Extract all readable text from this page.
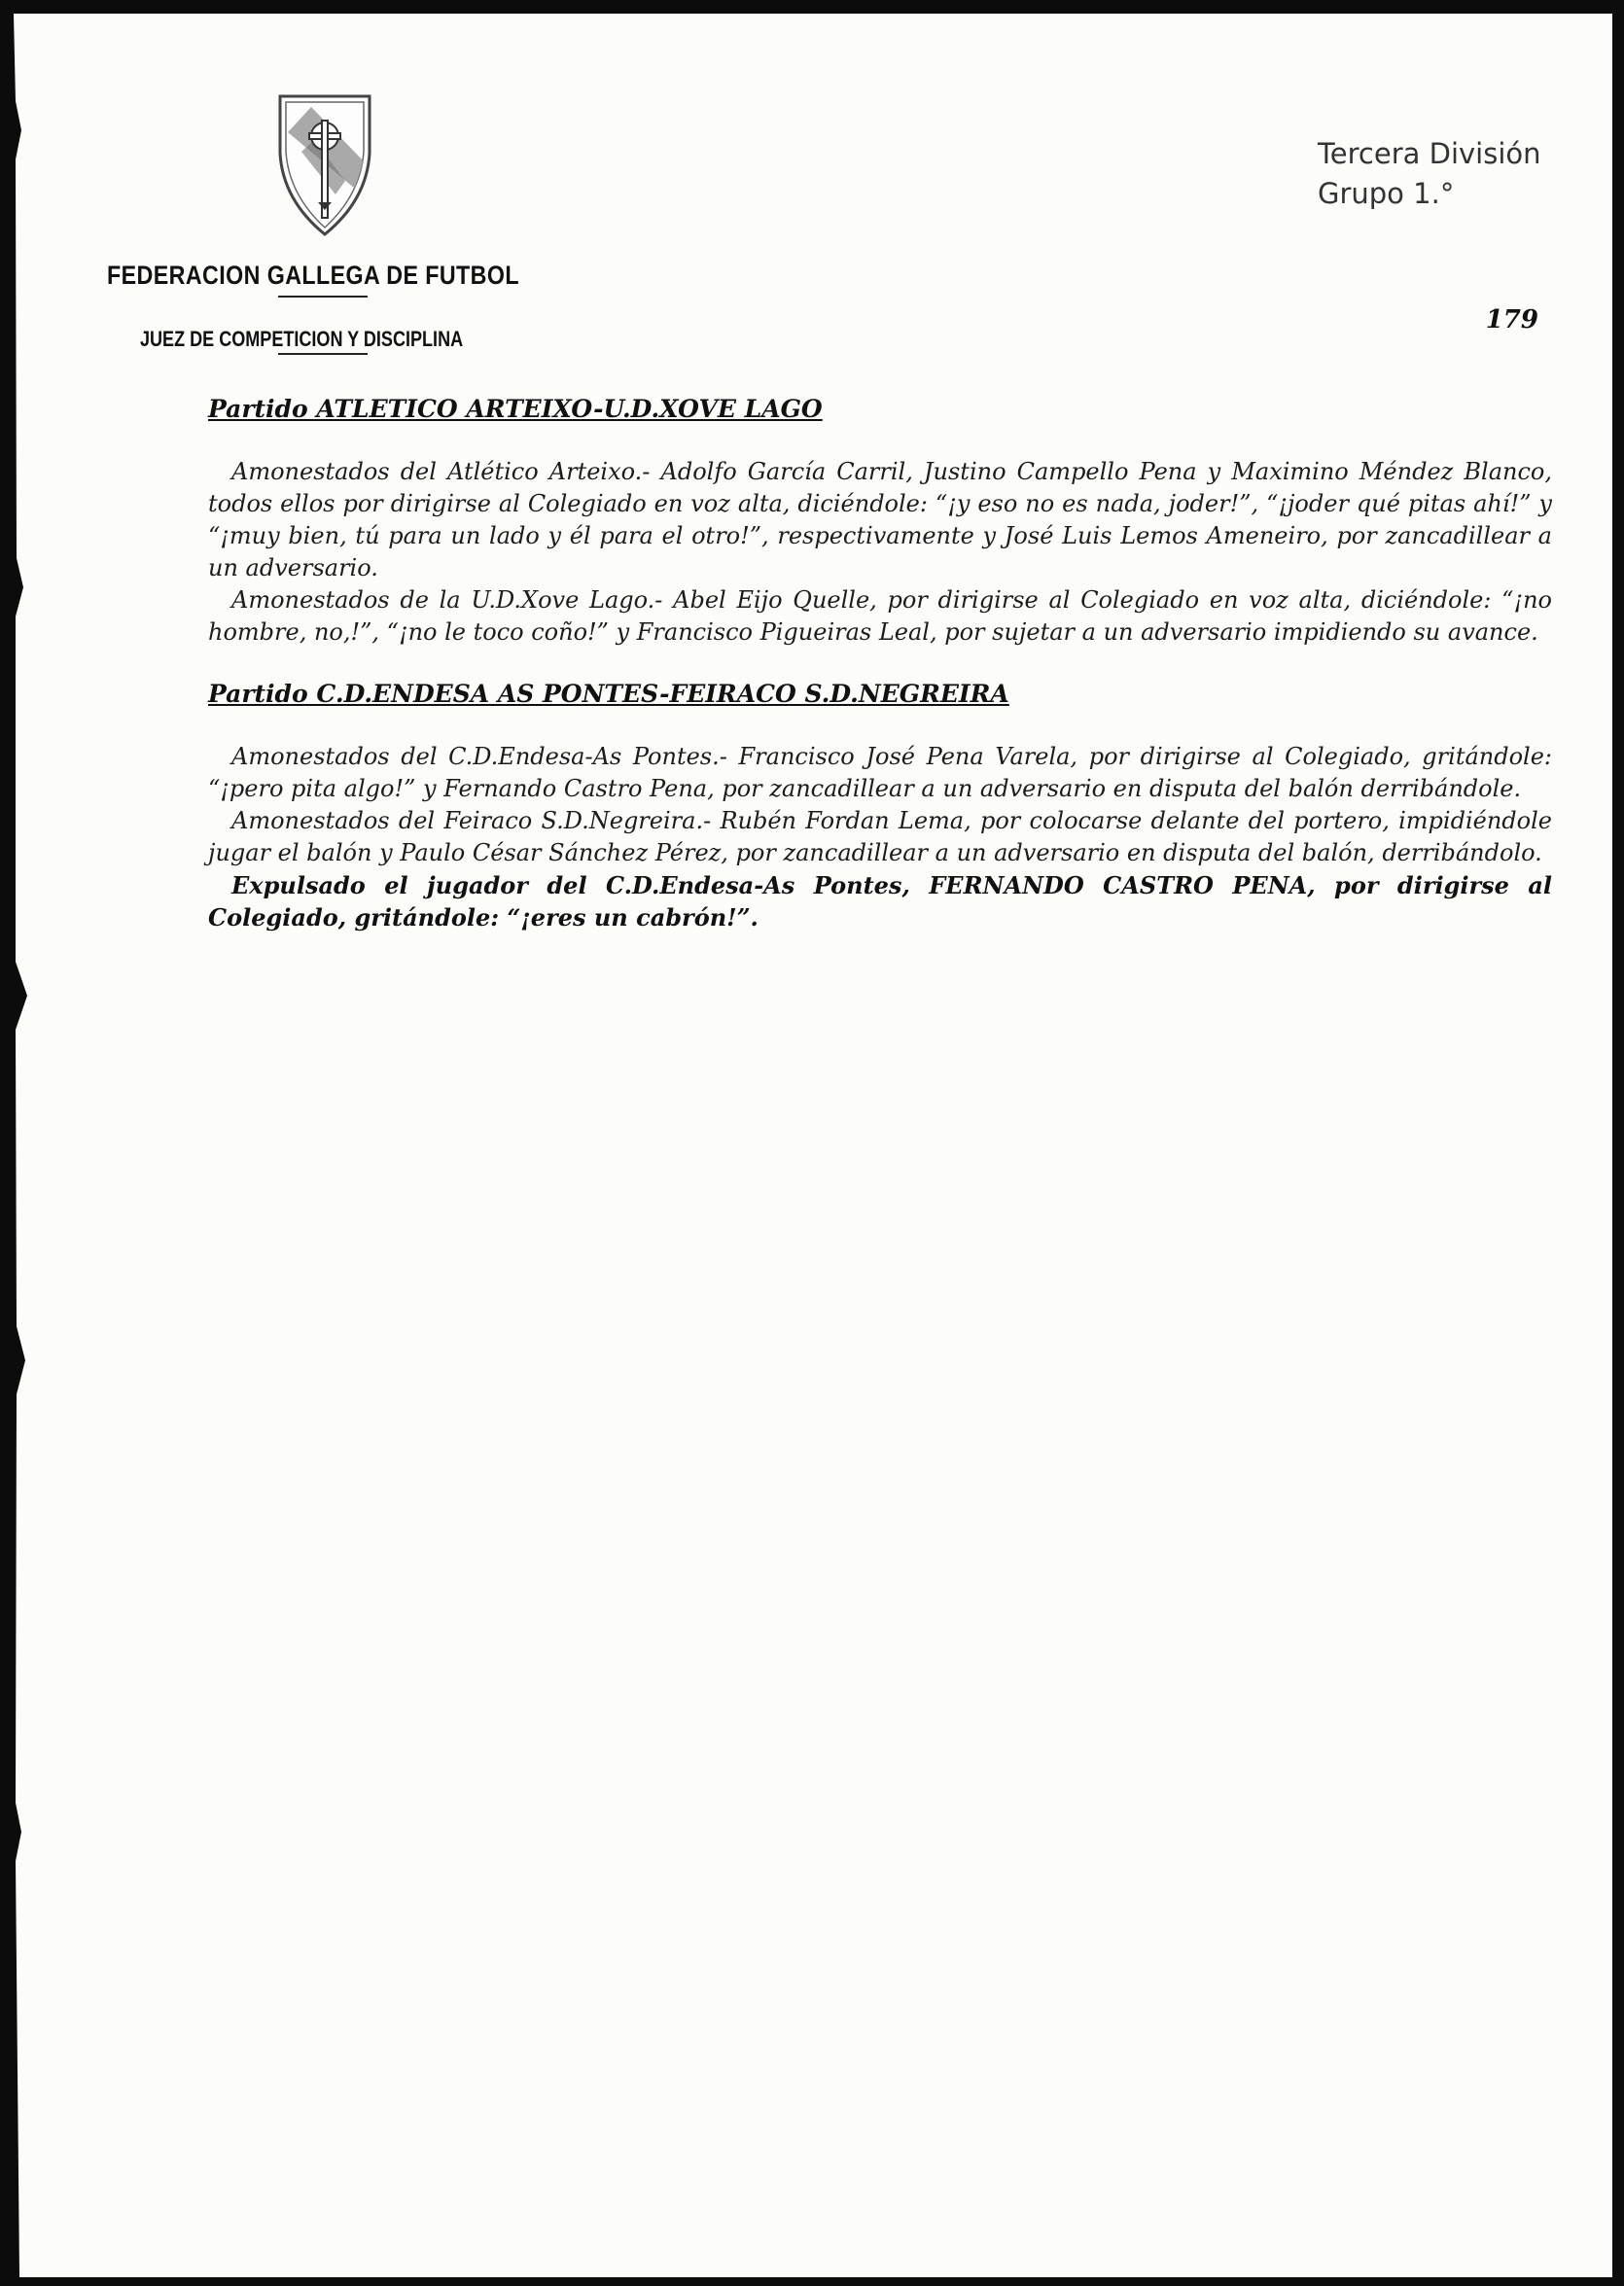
FEDERACION GALLEGA DE FUTBOL
JUEZ DE COMPETICION Y DISCIPLINA
Tercera División
Grupo 1.°
179

Partido ATLETICO ARTEIXO-U.D.XOVE LAGO

Amonestados del Atlético Arteixo.- Adolfo García Carril, Justino Campello Pena y Maximino Méndez Blanco, todos ellos por dirigirse al Colegiado en voz alta, diciéndole: “¡y eso no es nada, joder!”, “¡joder qué pitas ahí!” y “¡muy bien, tú para un lado y él para el otro!”, respectivamente y José Luis Lemos Ameneiro, por zancadillear a un adversario.

Amonestados de la U.D.Xove Lago.- Abel Eijo Quelle, por dirigirse al Colegiado en voz alta, diciéndole: “¡no hombre, no,!”, “¡no le toco coño!” y Francisco Pigueiras Leal, por sujetar a un adversario impidiendo su avance.

Partido C.D.ENDESA AS PONTES-FEIRACO S.D.NEGREIRA

Amonestados del C.D.Endesa-As Pontes.- Francisco José Pena Varela, por dirigirse al Colegiado, gritándole: “¡pero pita algo!” y Fernando Castro Pena, por zancadillear a un adversario en disputa del balón derribándole.

Amonestados del Feiraco S.D.Negreira.- Rubén Fordan Lema, por colocarse delante del portero, impidiéndole jugar el balón y Paulo César Sánchez Pérez, por zancadillear a un adversario en disputa del balón, derribándolo.

Expulsado el jugador del C.D.Endesa-As Pontes, FERNANDO CASTRO PENA, por dirigirse al Colegiado, gritándole: “¡eres un cabrón!”.
